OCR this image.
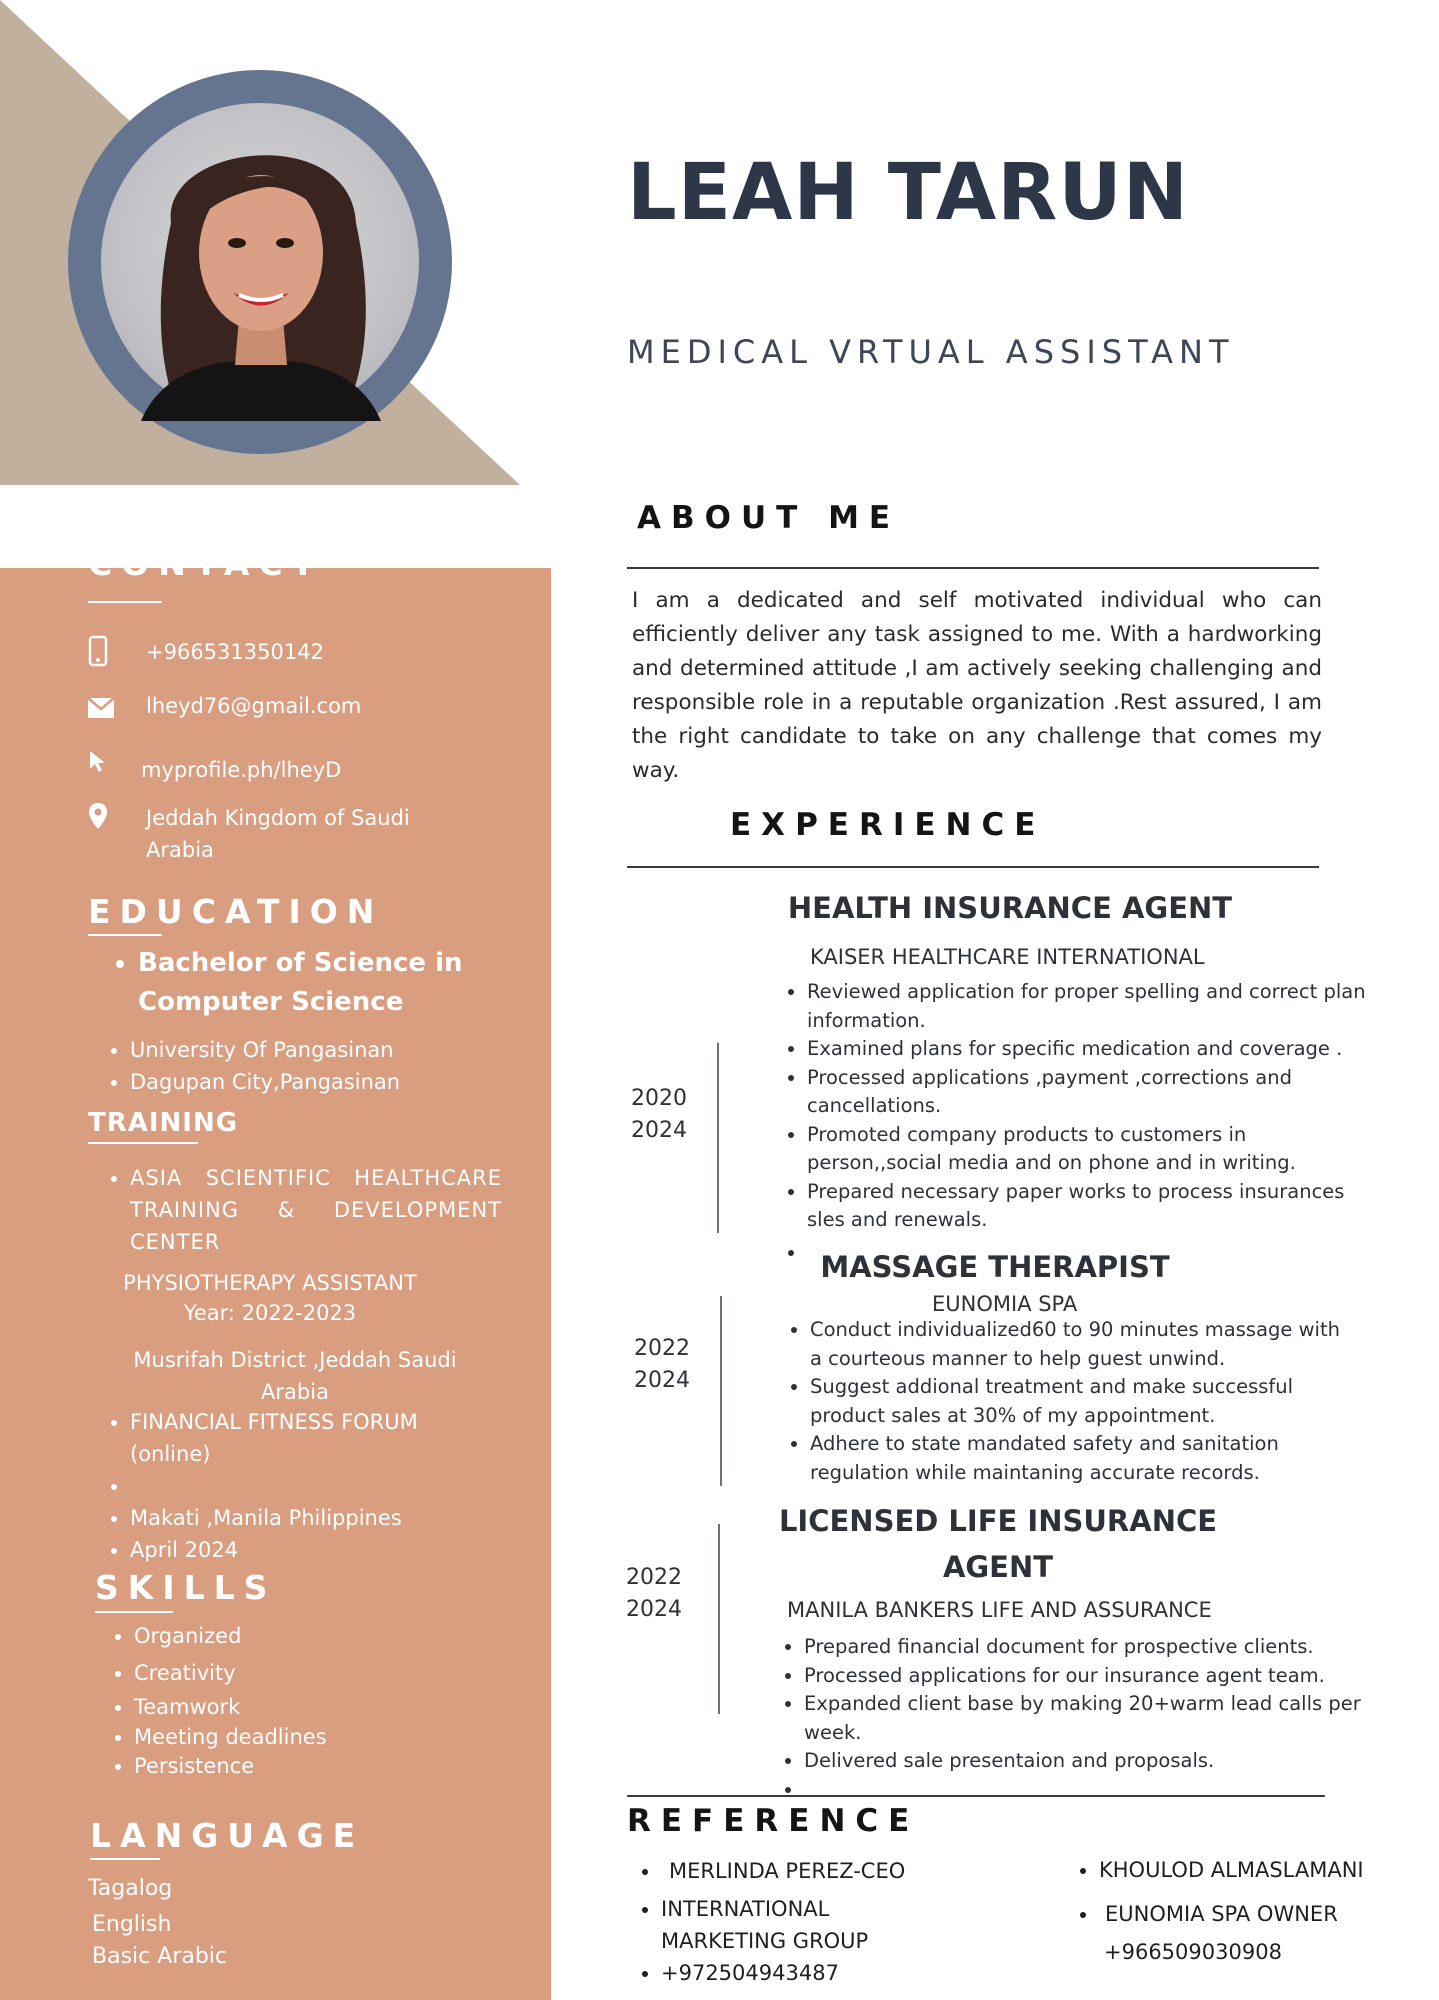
LEAH TARUN
MEDICAL VRTUAL ASSISTANT
CONTACT
+966531350142
lheyd76@gmail.com
myprofile.ph/lheyD
Jeddah Kingdom of Saudi Arabia
EDUCATION
• Bachelor of Science in Computer Science
• University Of Pangasinan
• Dagupan City,Pangasinan
TRAINING
• ASIA SCIENTIFIC HEALTHCARE TRAINING & DEVELOPMENT CENTER
PHYSIOTHERAPY ASSISTANT
Year: 2022-2023
Musrifah District ,Jeddah Saudi Arabia
• FINANCIAL FITNESS FORUM (online)
•
• Makati ,Manila Philippines
• April 2024
SKILLS
• Organized
• Creativity
• Teamwork
• Meeting deadlines
• Persistence
LANGUAGE
Tagalog
English
Basic Arabic
ABOUT ME

I am a dedicated and self motivated individual who can efficiently deliver any task assigned to me. With a hardworking and determined attitude ,I am actively seeking challenging and responsible role in a reputable organization .Rest assured, I am the right candidate to take on any challenge that comes my way.

EXPERIENCE
HEALTH INSURANCE AGENT
KAISER HEALTHCARE INTERNATIONAL
2020
2024
• Reviewed application for proper spelling and correct plan information.
• Examined plans for specific medication and coverage .
• Processed applications ,payment ,corrections and cancellations.
• Promoted company products to customers in person,,social media and on phone and in writing.
• Prepared necessary paper works to process insurances sles and renewals.
•
MASSAGE THERAPIST
EUNOMIA SPA
2022
2024
• Conduct individualized60 to 90 minutes massage with a courteous manner to help guest unwind.
• Suggest addional treatment and make successful product sales at 30% of my appointment.
• Adhere to state mandated safety and sanitation regulation while maintaning accurate records.
LICENSED LIFE INSURANCE AGENT
MANILA BANKERS LIFE AND ASSURANCE
2022
2024
• Prepared financial document for prospective clients.
• Processed applications for our insurance agent team.
• Expanded client base by making 20+warm lead calls per week.
• Delivered sale presentaion and proposals.
•
REFERENCE
• MERLINDA PEREZ-CEO
• INTERNATIONAL MARKETING GROUP
• +972504943487
• KHOULOD ALMASLAMANI
• EUNOMIA SPA OWNER
+966509030908
